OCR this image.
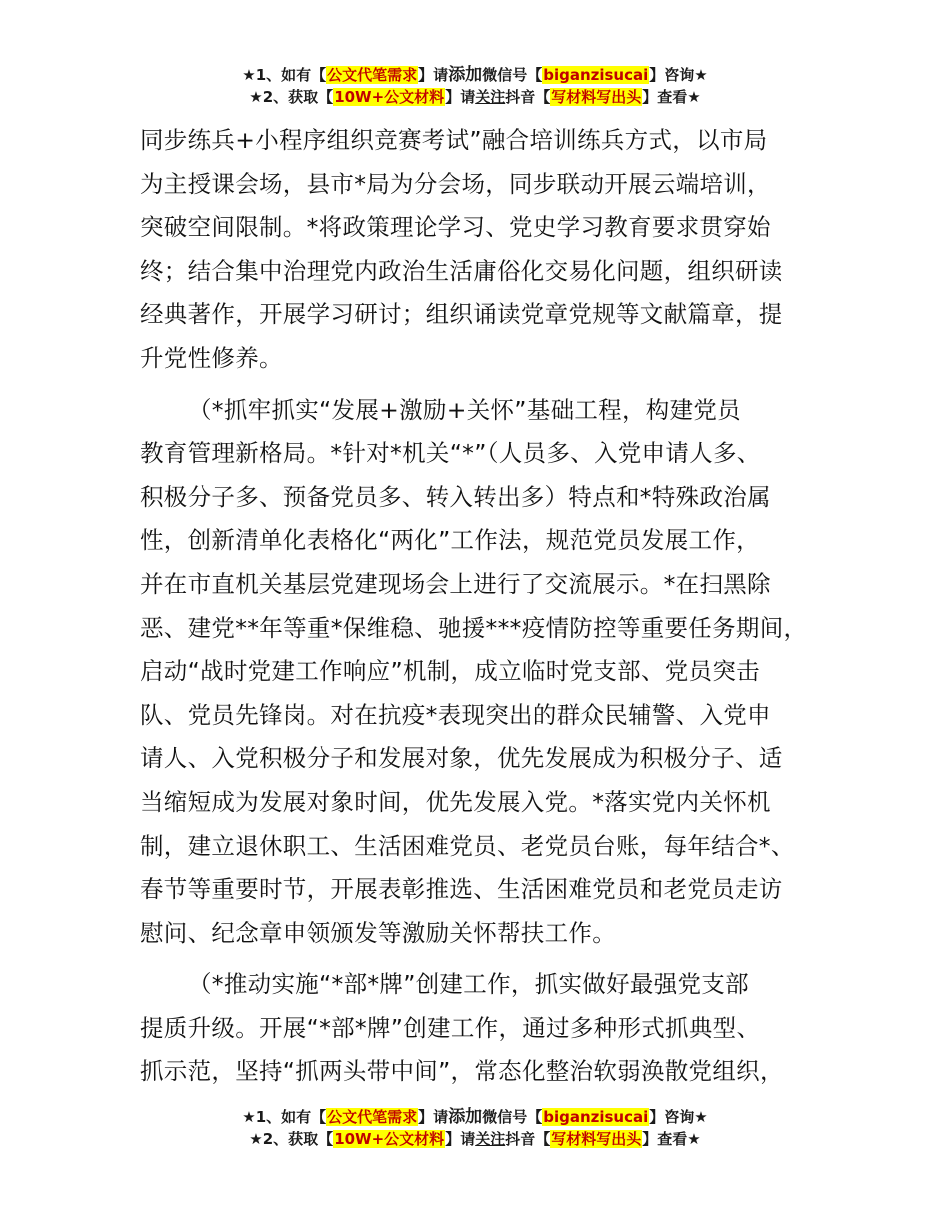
★1、如有【公文代笔需求】请添加微信号【biganzisucai】咨询★
★2、获取【10W+公文材料】请关注抖音【写材料写出头】查看★

同步练兵+小程序组织竞赛考试”融合培训练兵方式，以市局
为主授课会场，县市*局为分会场，同步联动开展云端培训，
突破空间限制。*将政策理论学习、党史学习教育要求贯穿始
终；结合集中治理党内政治生活庸俗化交易化问题，组织研读
经典著作，开展学习研讨；组织诵读党章党规等文献篇章，提
升党性修养。

（*抓牢抓实“发展+激励+关怀”基础工程，构建党员
教育管理新格局。*针对*机关“*”（人员多、入党申请人多、
积极分子多、预备党员多、转入转出多）特点和*特殊政治属
性，创新清单化表格化“两化”工作法，规范党员发展工作，
并在市直机关基层党建现场会上进行了交流展示。*在扫黑除
恶、建党**年等重*保维稳、驰援***疫情防控等重要任务期间，
启动“战时党建工作响应”机制，成立临时党支部、党员突击
队、党员先锋岗。对在抗疫*表现突出的群众民辅警、入党申
请人、入党积极分子和发展对象，优先发展成为积极分子、适
当缩短成为发展对象时间，优先发展入党。*落实党内关怀机
制，建立退休职工、生活困难党员、老党员台账，每年结合*、
春节等重要时节，开展表彰推选、生活困难党员和老党员走访
慰问、纪念章申领颁发等激励关怀帮扶工作。

（*推动实施“*部*牌”创建工作，抓实做好最强党支部
提质升级。开展“*部*牌”创建工作，通过多种形式抓典型、
抓示范，坚持“抓两头带中间”，常态化整治软弱涣散党组织，

★1、如有【公文代笔需求】请添加微信号【biganzisucai】咨询★
★2、获取【10W+公文材料】请关注抖音【写材料写出头】查看★
